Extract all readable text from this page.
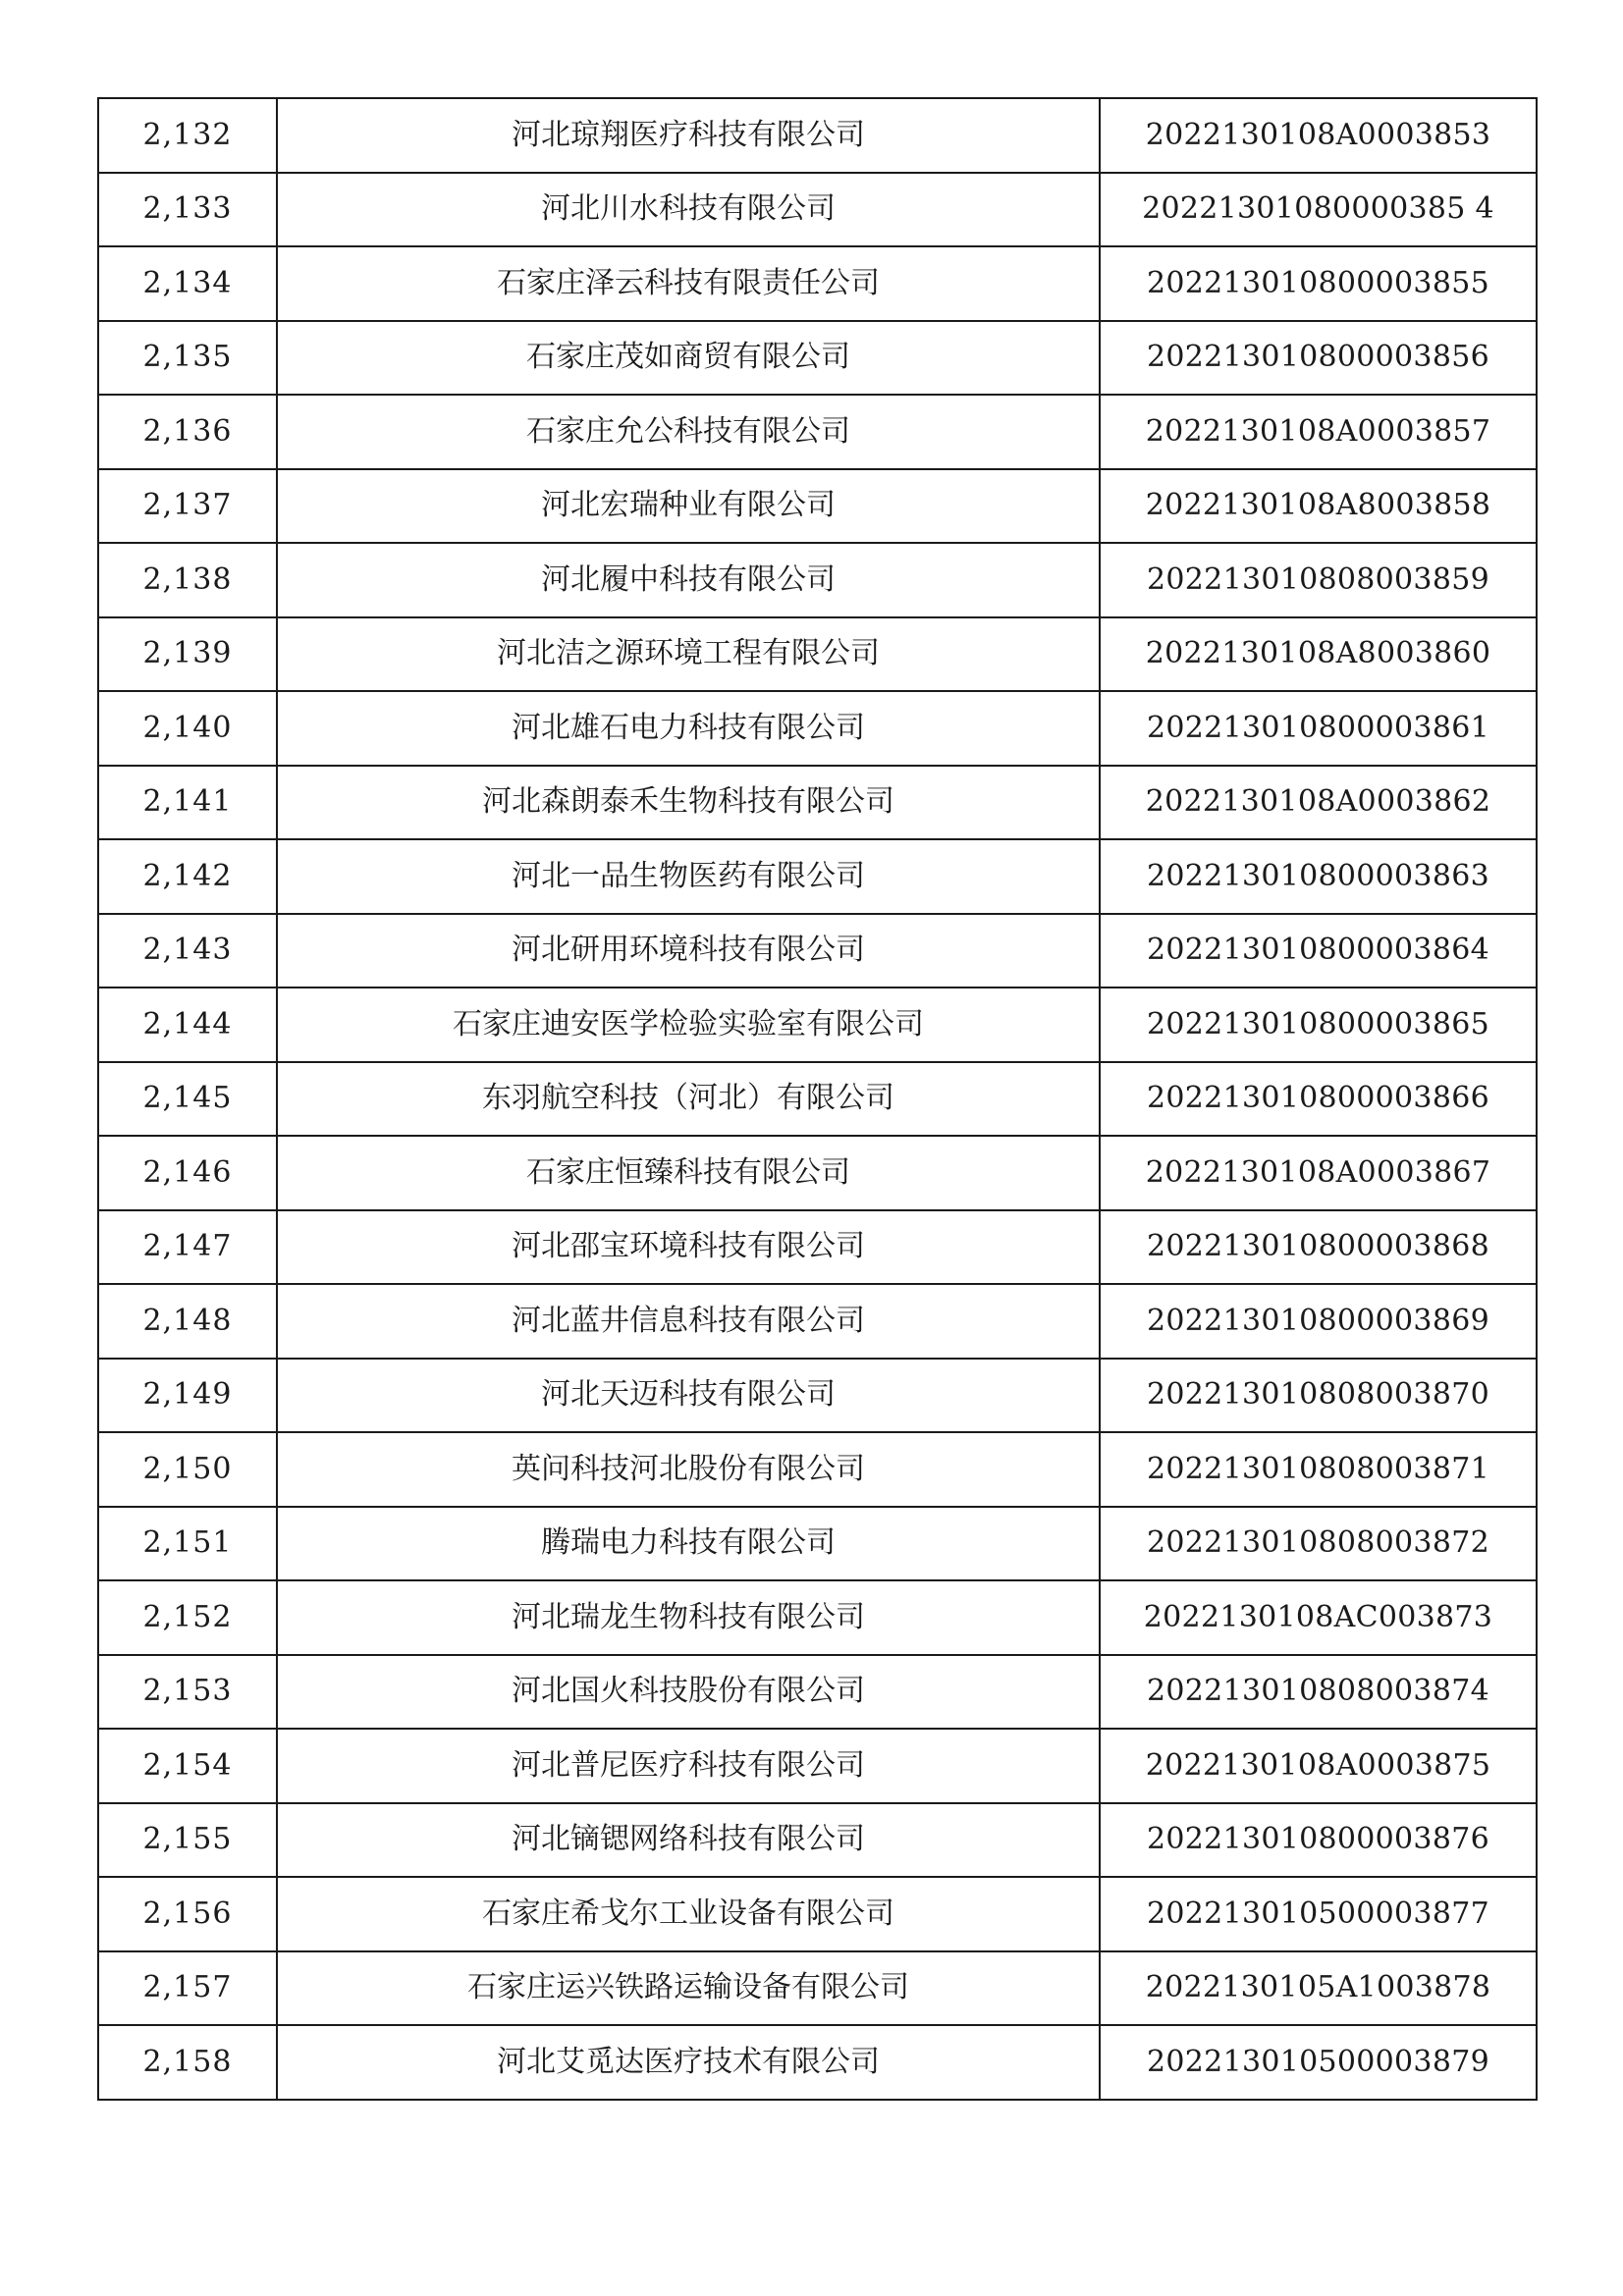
2,132	河北琼翔医疗科技有限公司	2022130108A0003853
2,133	河北川水科技有限公司	20221301080000385 4
2,134	石家庄泽云科技有限责任公司	202213010800003855
2,135	石家庄茂如商贸有限公司	202213010800003856
2,136	石家庄允公科技有限公司	2022130108A0003857
2,137	河北宏瑞种业有限公司	2022130108A8003858
2,138	河北履中科技有限公司	202213010808003859
2,139	河北洁之源环境工程有限公司	2022130108A8003860
2,140	河北雄石电力科技有限公司	202213010800003861
2,141	河北森朗泰禾生物科技有限公司	2022130108A0003862
2,142	河北一品生物医药有限公司	202213010800003863
2,143	河北研用环境科技有限公司	202213010800003864
2,144	石家庄迪安医学检验实验室有限公司	202213010800003865
2,145	东羽航空科技（河北）有限公司	202213010800003866
2,146	石家庄恒臻科技有限公司	2022130108A0003867
2,147	河北邵宝环境科技有限公司	202213010800003868
2,148	河北蓝井信息科技有限公司	202213010800003869
2,149	河北天迈科技有限公司	202213010808003870
2,150	英问科技河北股份有限公司	202213010808003871
2,151	腾瑞电力科技有限公司	202213010808003872
2,152	河北瑞龙生物科技有限公司	2022130108AC003873
2,153	河北国火科技股份有限公司	202213010808003874
2,154	河北普尼医疗科技有限公司	2022130108A0003875
2,155	河北镝锶网络科技有限公司	202213010800003876
2,156	石家庄希戈尔工业设备有限公司	202213010500003877
2,157	石家庄运兴铁路运输设备有限公司	2022130105A1003878
2,158	河北艾觅达医疗技术有限公司	202213010500003879
